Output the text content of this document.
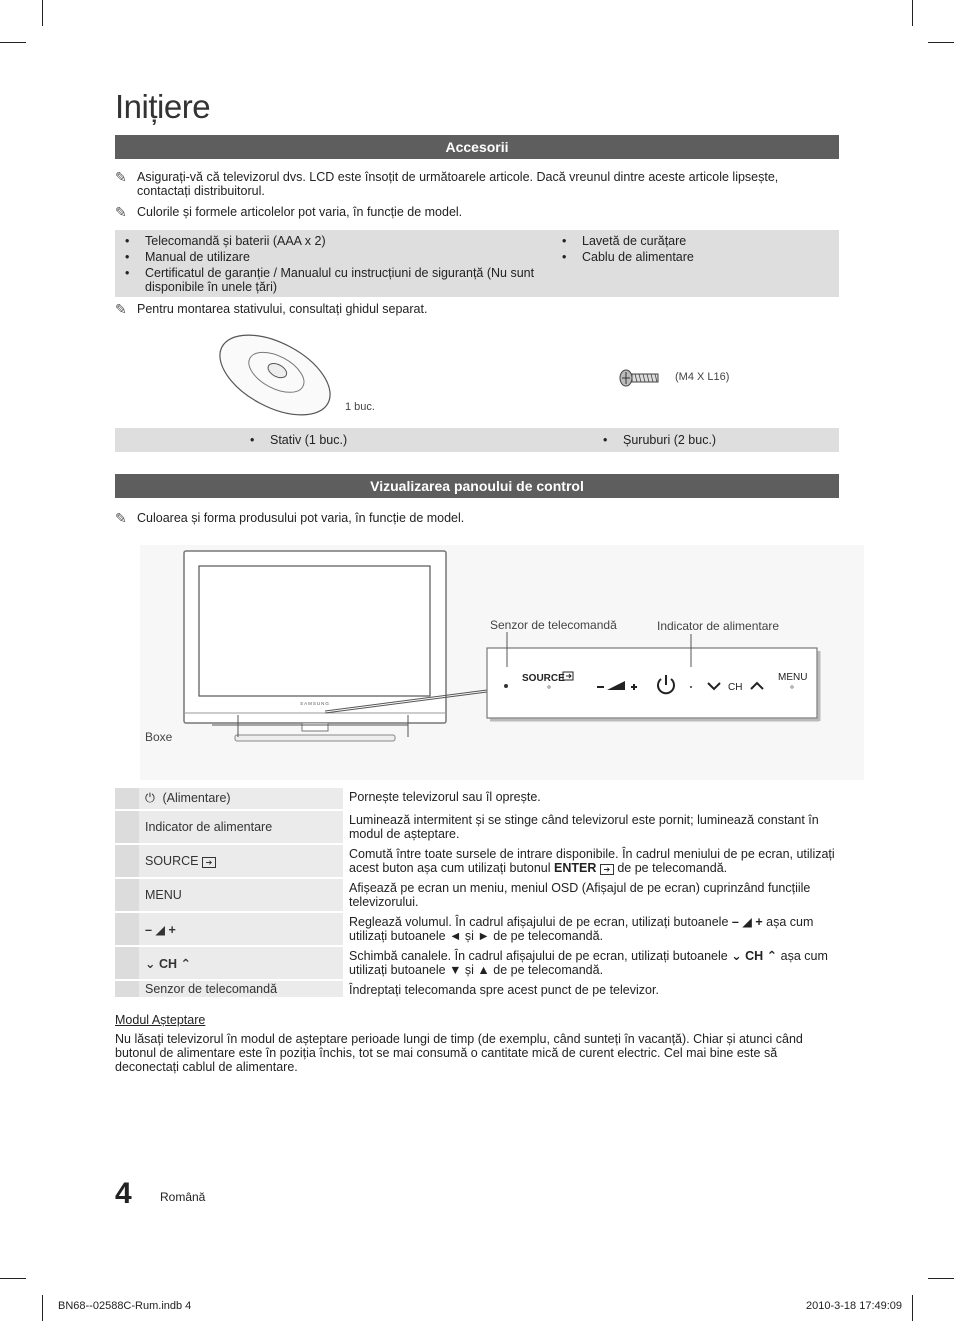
Inițiere
Accesorii
✎ Asigurați-vă că televizorul dvs. LCD este însoțit de următoarele articole. Dacă vreunul dintre aceste articole lipsește, contactați distribuitorul.
✎ Culorile și formele articolelor pot varia, în funcție de model.
• Telecomandă și baterii (AAA x 2)
• Manual de utilizare
• Certificatul de garanție / Manualul cu instrucțiuni de siguranță (Nu sunt disponibile în unele țări)
• Lavetă de curățare
• Cablu de alimentare
✎ Pentru montarea stativului, consultați ghidul separat.
1 buc.
(M4 X L16)
• Stativ (1 buc.)	• Șuruburi (2 buc.)
Vizualizarea panoului de control
✎ Culoarea și forma produsului pot varia, în funcție de model.
SAMSUNG
SOURCE
CH
MENU
Senzor de telecomandă	Indicator de alimentare
Boxe
	⏻ (Alimentare)	Pornește televizorul sau îl oprește.
	Indicator de alimentare	Luminează intermitent și se stinge când televizorul este pornit; luminează constant în modul de așteptare.
	SOURCE ➔	Comută între toate sursele de intrare disponibile. În cadrul meniului de pe ecran, utilizați acest buton așa cum utilizați butonul ENTER ➔ de pe telecomandă.
	MENU	Afișează pe ecran un meniu, meniul OSD (Afișajul de pe ecran) cuprinzând funcțiile televizorului.
	– ◢ +	Reglează volumul. În cadrul afișajului de pe ecran, utilizați butoanele – ◢ + așa cum utilizați butoanele ◄ și ► de pe telecomandă.
	⌄ CH ⌃	Schimbă canalele. În cadrul afișajului de pe ecran, utilizați butoanele ⌄ CH ⌃ așa cum utilizați butoanele ▼ și ▲ de pe telecomandă.
	Senzor de telecomandă	Îndreptați telecomanda spre acest punct de pe televizor.
Modul Așteptare
Nu lăsați televizorul în modul de așteptare perioade lungi de timp (de exemplu, când sunteți în vacanță). Chiar și atunci când butonul de alimentare este în poziția închis, tot se mai consumă o cantitate mică de curent electric. Cel mai bine este să deconectați cablul de alimentare.
4 Română
BN68--02588C-Rum.indb 4	2010-3-18 17:49:09
